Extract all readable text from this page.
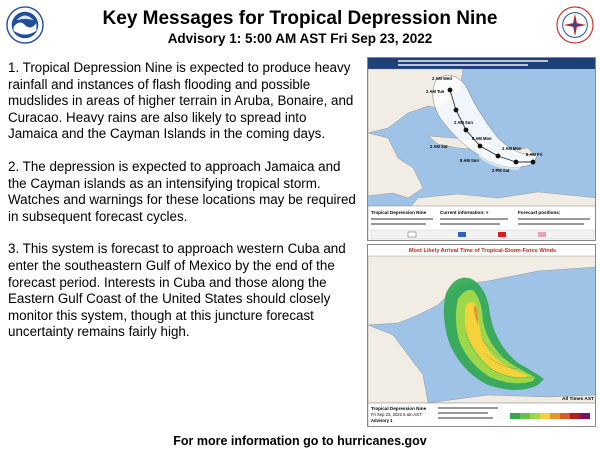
Key Messages for Tropical Depression Nine
Advisory 1: 5:00 AM AST Fri Sep 23, 2022

1. Tropical Depression Nine is expected to produce heavy rainfall and instances of flash flooding and possible mudslides in areas of higher terrain in Aruba, Bonaire, and Curacao. Heavy rains are also likely to spread into Jamaica and the Cayman Islands in the coming days.

2. The depression is expected to approach Jamaica and the Cayman islands as an intensifying tropical storm. Watches and warnings for these locations may be required in subsequent forecast cycles.

3. This system is forecast to approach western Cuba and enter the southeastern Gulf of Mexico by the end of the forecast period. Interests in Cuba and those along the Eastern Gulf Coast of the United States should closely monitor this system, though at this juncture forecast uncertainty remains fairly high.

2 AM Tue
2 AM Sun
2 AM Sat
8 AM Mon
2 AM Mon
8 AM Fri
8 AM Sun
2 PM Sat
2 AM Wed
Tropical Depression Nine	Current information: ×	Forecast positions:
Most Likely Arrival Time of Tropical-Storm-Force Winds
All Times AST
Tropical Depression Nine
Fri Sep 23, 2022 5 am AST
Advisory 1
For more information go to hurricanes.gov
